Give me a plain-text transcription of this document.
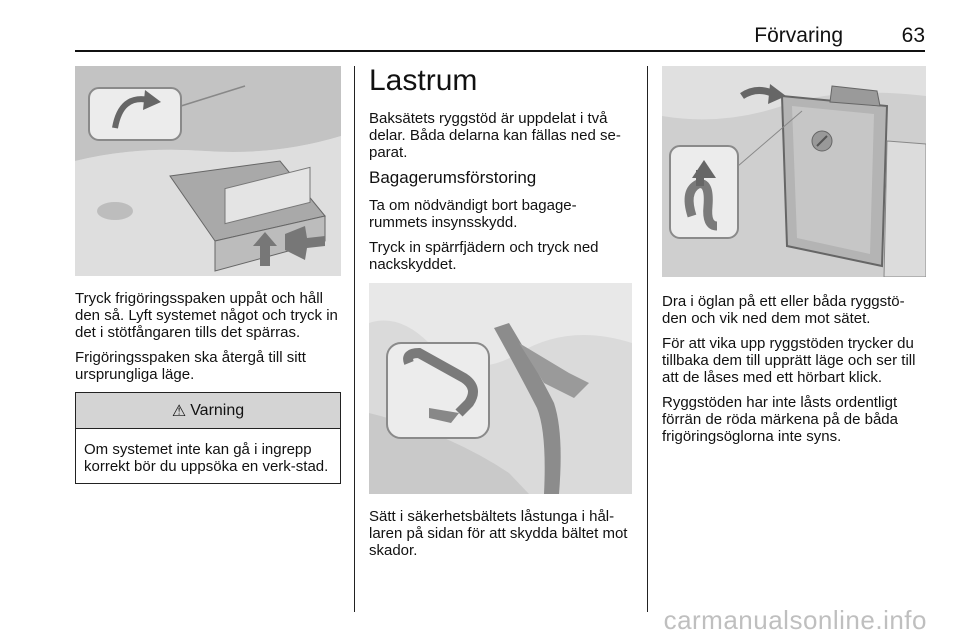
Förvaring	63

Tryck frigöringsspaken uppåt och håll den så. Lyft systemet något och tryck in det i stötfångaren tills det spärras.

Frigöringsspaken ska återgå till sitt ursprungliga läge.

⚠ Varning

Om systemet inte kan gå i ingrepp korrekt bör du uppsöka en verk-stad.

Lastrum

Baksätets ryggstöd är uppdelat i två delar. Båda delarna kan fällas ned se-parat.

Bagagerumsförstoring

Ta om nödvändigt bort bagage-rummets insynsskydd.

Tryck in spärrfjädern och tryck ned nackskyddet.

Sätt i säkerhetsbältets låstunga i hål-laren på sidan för att skydda bältet mot skador.

Dra i öglan på ett eller båda ryggstö-den och vik ned dem mot sätet.

För att vika upp ryggstöden trycker du tillbaka dem till upprätt läge och ser till att de låses med ett hörbart klick.

Ryggstöden har inte låsts ordentligt förrän de röda märkena på de båda frigöringsöglorna inte syns.

carmanualsonline.info
